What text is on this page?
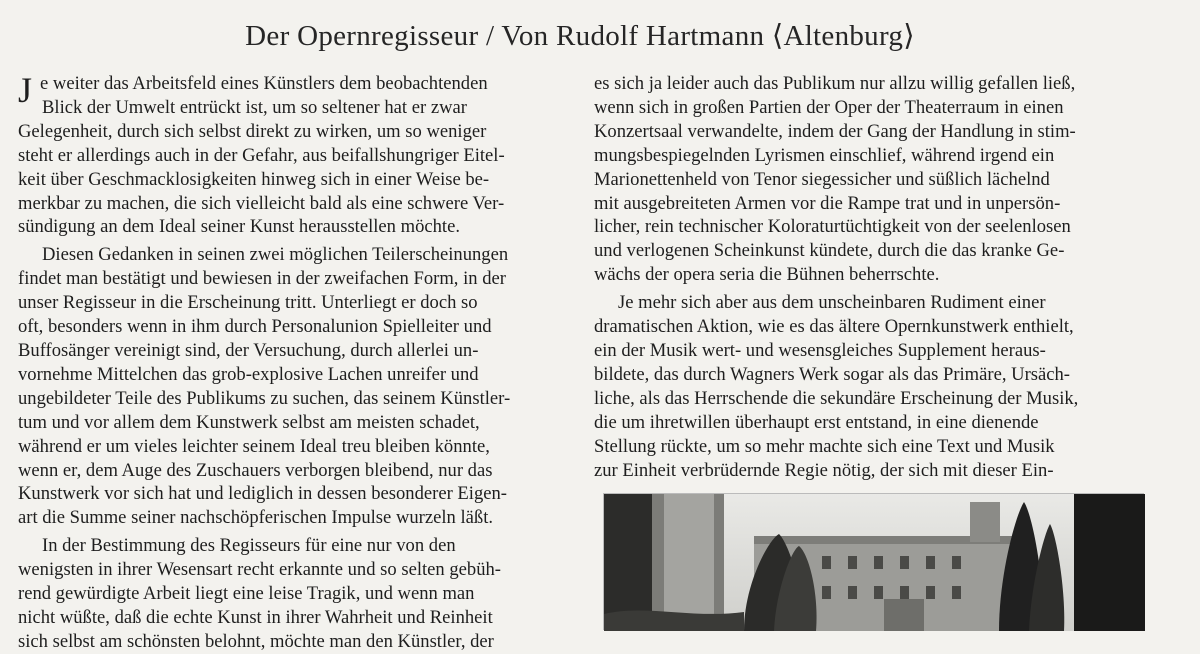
Der Opernregisseur / Von Rudolf Hartmann ⟨Altenburg⟩

J e weiter das Arbeitsfeld eines Künstlers dem beobachtenden
Blick der Umwelt entrückt ist, um so seltener hat er zwar
Gelegenheit, durch sich selbst direkt zu wirken, um so weniger
steht er allerdings auch in der Gefahr, aus beifallshungriger Eitel-
keit über Geschmacklosigkeiten hinweg sich in einer Weise be-
merkbar zu machen, die sich vielleicht bald als eine schwere Ver-
sündigung an dem Ideal seiner Kunst herausstellen möchte.

Diesen Gedanken in seinen zwei möglichen Teilerscheinungen
findet man bestätigt und bewiesen in der zweifachen Form, in der
unser Regisseur in die Erscheinung tritt. Unterliegt er doch so
oft, besonders wenn in ihm durch Personalunion Spielleiter und
Buffosänger vereinigt sind, der Versuchung, durch allerlei un-
vornehme Mittelchen das grob-explosive Lachen unreifer und
ungebildeter Teile des Publikums zu suchen, das seinem Künstler-
tum und vor allem dem Kunstwerk selbst am meisten schadet,
während er um vieles leichter seinem Ideal treu bleiben könnte,
wenn er, dem Auge des Zuschauers verborgen bleibend, nur das
Kunstwerk vor sich hat und lediglich in dessen besonderer Eigen-
art die Summe seiner nachschöpferischen Impulse wurzeln läßt.

In der Bestimmung des Regisseurs für eine nur von den
wenigsten in ihrer Wesensart recht erkannte und so selten gebüh-
rend gewürdigte Arbeit liegt eine leise Tragik, und wenn man
nicht wüßte, daß die echte Kunst in ihrer Wahrheit und Reinheit
sich selbst am schönsten belohnt, möchte man den Künstler, der

es sich ja leider auch das Publikum nur allzu willig gefallen ließ,
wenn sich in großen Partien der Oper der Theaterraum in einen
Konzertsaal verwandelte, indem der Gang der Handlung in stim-
mungsbespiegelnden Lyrismen einschlief, während irgend ein
Marionettenheld von Tenor siegessicher und süßlich lächelnd
mit ausgebreiteten Armen vor die Rampe trat und in unpersön-
licher, rein technischer Koloraturtüchtigkeit von der seelenlosen
und verlogenen Scheinkunst kündete, durch die das kranke Ge-
wächs der opera seria die Bühnen beherrschte.

Je mehr sich aber aus dem unscheinbaren Rudiment einer
dramatischen Aktion, wie es das ältere Opernkunstwerk enthielt,
ein der Musik wert- und wesensgleiches Supplement heraus-
bildete, das durch Wagners Werk sogar als das Primäre, Ursäch-
liche, als das Herrschende die sekundäre Erscheinung der Musik,
die um ihretwillen überhaupt erst entstand, in eine dienende
Stellung rückte, um so mehr machte sich eine Text und Musik
zur Einheit verbrüdernde Regie nötig, der sich mit dieser Ein-
